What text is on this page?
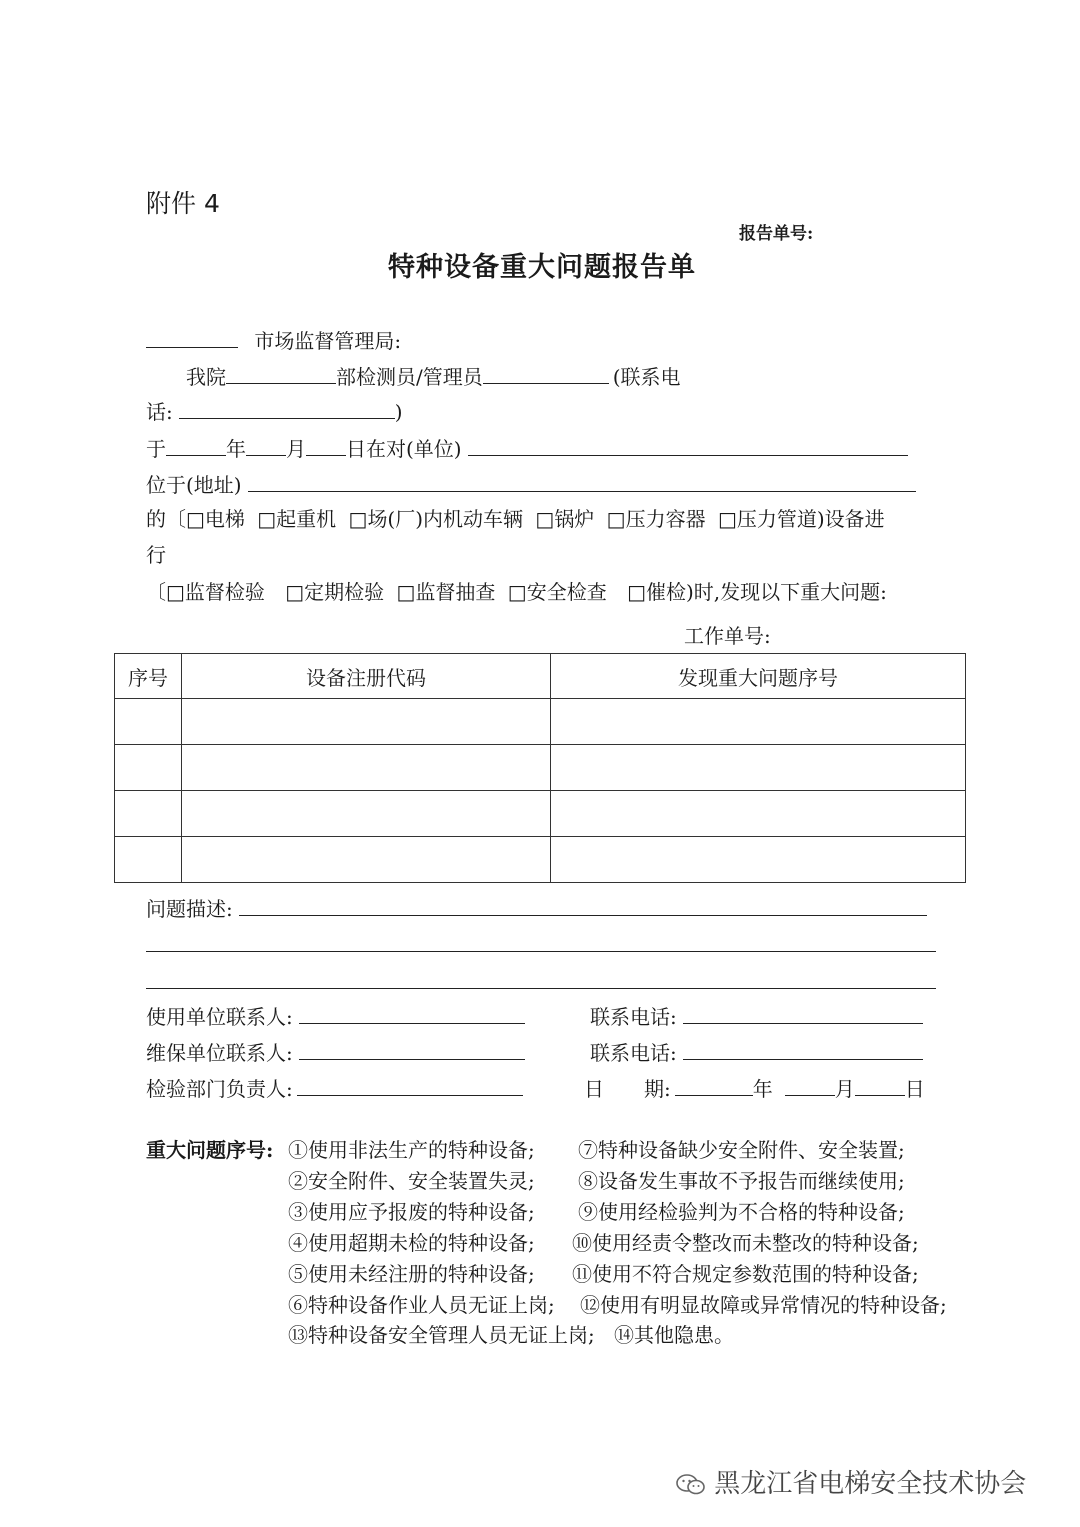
附件 4
报告单号:
特种设备重大问题报告单
市场监督管理局:
我院	部检测员/管理员	(联系电
话:	)
于	年 月 日在对(单位)
位于(地址)
的〔□电梯 □起重机 □场(厂)内机动车辆 □锅炉 □压力容器 □压力管道)设备进
行
〔□监督检验 □定期检验 □监督抽查 □安全检查 □催检)时,发现以下重大问题:
工作单号:
序号	设备注册代码	发现重大问题序号

问题描述:
使用单位联系人:	联系电话:
维保单位联系人:	联系电话:
检验部门负责人:	日　　期:	年	月	日
重大问题序号: ①使用非法生产的特种设备; ⑦特种设备缺少安全附件、安全装置;
②安全附件、安全装置失灵; ⑧设备发生事故不予报告而继续使用;
③使用应予报废的特种设备; ⑨使用经检验判为不合格的特种设备;
④使用超期未检的特种设备; ⑩使用经责令整改而未整改的特种设备;
⑤使用未经注册的特种设备; ⑪使用不符合规定参数范围的特种设备;
⑥特种设备作业人员无证上岗; ⑫使用有明显故障或异常情况的特种设备;
⑬特种设备安全管理人员无证上岗; ⑭其他隐患。
黑龙江省电梯安全技术协会
